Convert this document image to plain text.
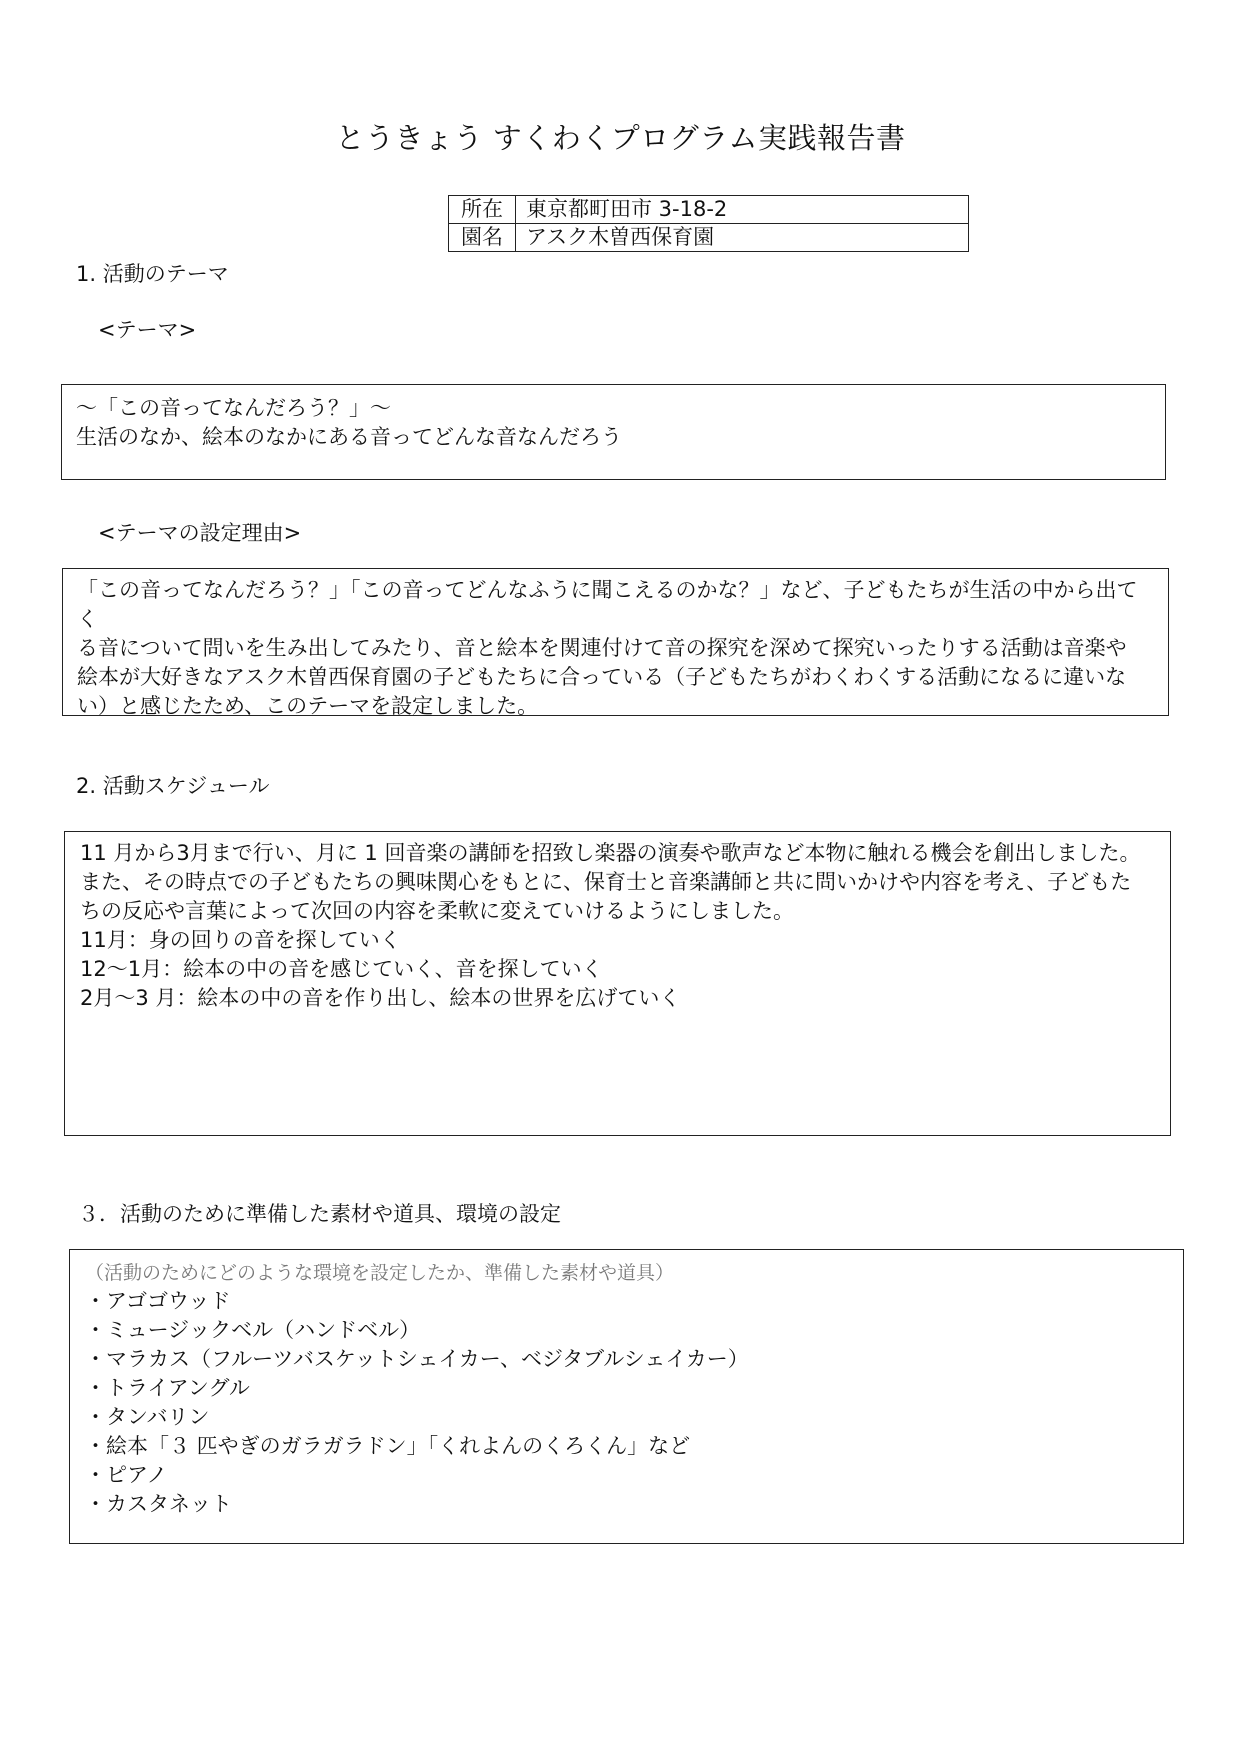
とうきょう すくわくプログラム実践報告書
所在	東京都町田市 3-18-2
園名	アスク木曽西保育園
1. 活動のテーマ
<テーマ>

～「この音ってなんだろう？」～

生活のなか、絵本のなかにある音ってどんな音なんだろう

<テーマの設定理由>

「この音ってなんだろう？」「この音ってどんなふうに聞こえるのかな？」など、子どもたちが生活の中から出てく

る音について問いを生み出してみたり、音と絵本を関連付けて音の探究を深めて探究いったりする活動は音楽や

絵本が大好きなアスク木曽西保育園の子どもたちに合っている（子どもたちがわくわくする活動になるに違いな

い）と感じたため、このテーマを設定しました。

2. 活動スケジュール

11 月から3月まで行い、月に 1 回音楽の講師を招致し楽器の演奏や歌声など本物に触れる機会を創出しました。

また、その時点での子どもたちの興味関心をもとに、保育士と音楽講師と共に問いかけや内容を考え、子どもた

ちの反応や言葉によって次回の内容を柔軟に変えていけるようにしました。

11月：身の回りの音を探していく

12～1月：絵本の中の音を感じていく、音を探していく

2月～3 月：絵本の中の音を作り出し、絵本の世界を広げていく

３．活動のために準備した素材や道具、環境の設定

（活動のためにどのような環境を設定したか、準備した素材や道具）

・アゴゴウッド

・ミュージックベル（ハンドベル）

・マラカス（フルーツバスケットシェイカー、ベジタブルシェイカー）

・トライアングル

・タンバリン

・絵本「３ 匹やぎのガラガラドン」「くれよんのくろくん」など

・ピアノ

・カスタネット
